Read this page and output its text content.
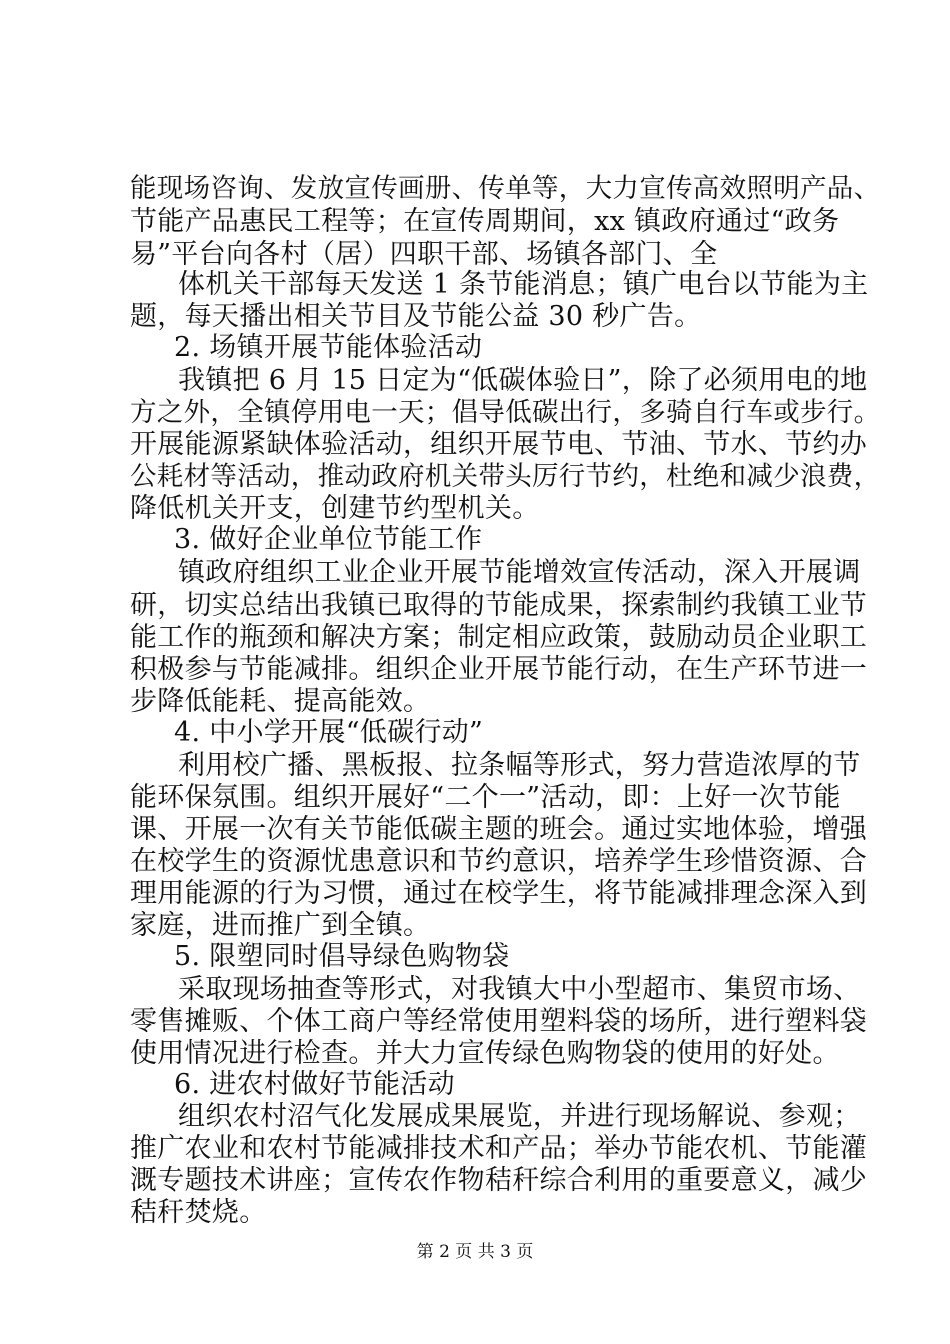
能现场咨询、发放宣传画册、传单等，大力宣传高效照明产品、
节能产品惠民工程等；在宣传周期间，xx 镇政府通过“政务
易”平台向各村（居）四职干部、场镇各部门、全
体机关干部每天发送 1 条节能消息；镇广电台以节能为主
题，每天播出相关节目及节能公益 30 秒广告。
2. 场镇开展节能体验活动
我镇把 6 月 15 日定为“低碳体验日”，除了必须用电的地
方之外，全镇停用电一天；倡导低碳出行，多骑自行车或步行。
开展能源紧缺体验活动，组织开展节电、节油、节水、节约办
公耗材等活动，推动政府机关带头厉行节约，杜绝和减少浪费，
降低机关开支，创建节约型机关。
3. 做好企业单位节能工作
镇政府组织工业企业开展节能增效宣传活动，深入开展调
研，切实总结出我镇已取得的节能成果，探索制约我镇工业节
能工作的瓶颈和解决方案；制定相应政策，鼓励动员企业职工
积极参与节能减排。组织企业开展节能行动，在生产环节进一
步降低能耗、提高能效。
4. 中小学开展“低碳行动”
利用校广播、黑板报、拉条幅等形式，努力营造浓厚的节
能环保氛围。组织开展好“二个一”活动，即：上好一次节能
课、开展一次有关节能低碳主题的班会。通过实地体验，增强
在校学生的资源忧患意识和节约意识，培养学生珍惜资源、合
理用能源的行为习惯，通过在校学生，将节能减排理念深入到
家庭，进而推广到全镇。
5. 限塑同时倡导绿色购物袋
采取现场抽查等形式，对我镇大中小型超市、集贸市场、
零售摊贩、个体工商户等经常使用塑料袋的场所，进行塑料袋
使用情况进行检查。并大力宣传绿色购物袋的使用的好处。
6. 进农村做好节能活动
组织农村沼气化发展成果展览，并进行现场解说、参观；
推广农业和农村节能减排技术和产品；举办节能农机、节能灌
溉专题技术讲座；宣传农作物秸秆综合利用的重要意义，减少
秸秆焚烧。
第 2 页 共 3 页
